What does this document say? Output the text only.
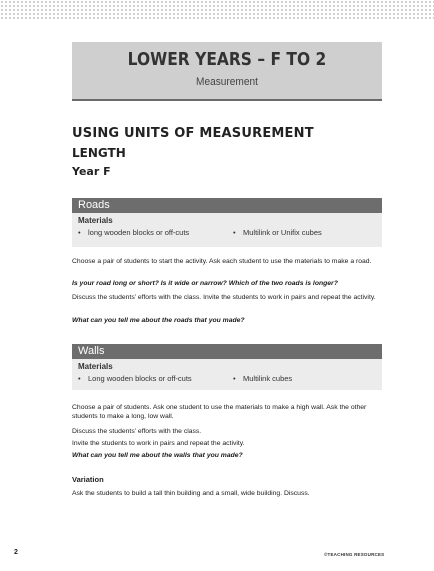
LOWER YEARS – F TO 2
Measurement
USING UNITS OF MEASUREMENT
LENGTH
Year F
Roads
Materials
• long wooden blocks or off-cuts	• Multilink or Unifix cubes
Choose a pair of students to start the activity. Ask each student to use the materials to make a road.
Is your road long or short? Is it wide or narrow? Which of the two roads is longer?
Discuss the students’ efforts with the class. Invite the students to work in pairs and repeat the activity.
What can you tell me about the roads that you made?
Walls
Materials
• Long wooden blocks or off-cuts	• Multilink cubes
Choose a pair of students. Ask one student to use the materials to make a high wall. Ask the other students to make a long, low wall.
Discuss the students’ efforts with the class.
Invite the students to work in pairs and repeat the activity.
What can you tell me about the walls that you made?
Variation
Ask the students to build a tall thin building and a small, wide building. Discuss.
2	©TEACHING RESOURCES
